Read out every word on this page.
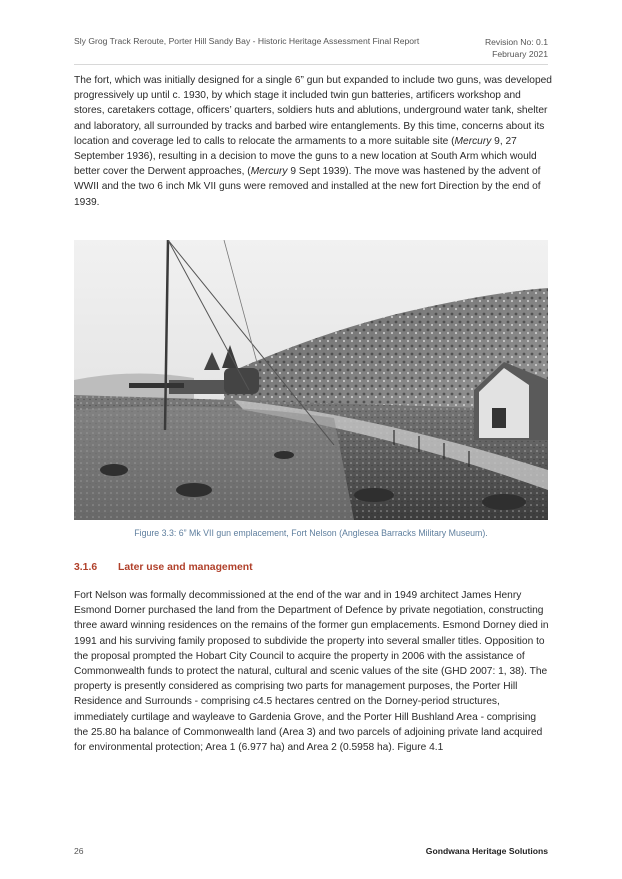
Sly Grog Track Reroute, Porter Hill Sandy Bay - Historic Heritage Assessment Final Report	Revision No: 0.1
February 2021

The fort, which was initially designed for a single 6” gun but expanded to include two guns, was developed progressively up until c. 1930, by which stage it included twin gun batteries, artificers workshop and stores, caretakers cottage, officers’ quarters, soldiers huts and ablutions, underground water tank, shelter and laboratory, all surrounded by tracks and barbed wire entanglements. By this time, concerns about its location and coverage led to calls to relocate the armaments to a more suitable site (Mercury 9, 27 September 1936), resulting in a decision to move the guns to a new location at South Arm which would better cover the Derwent approaches, (Mercury 9 Sept 1939). The move was hastened by the advent of WWII and the two 6 inch Mk VII guns were removed and installed at the new fort Direction by the end of 1939.

Figure 3.3: 6” Mk VII gun emplacement, Fort Nelson (Anglesea Barracks Military Museum).
3.1.6 Later use and management

Fort Nelson was formally decommissioned at the end of the war and in 1949 architect James Henry Esmond Dorner purchased the land from the Department of Defence by private negotiation, constructing three award winning residences on the remains of the former gun emplacements. Esmond Dorney died in 1991 and his surviving family proposed to subdivide the property into several smaller titles. Opposition to the proposal prompted the Hobart City Council to acquire the property in 2006 with the assistance of Commonwealth funds to protect the natural, cultural and scenic values of the site (GHD 2007: 1, 38). The property is presently considered as comprising two parts for management purposes, the Porter Hill Residence and Surrounds - comprising c4.5 hectares centred on the Dorney-period structures, immediately curtilage and wayleave to Gardenia Grove, and the Porter Hill Bushland Area - comprising the 25.80 ha balance of Commonwealth land (Area 3) and two parcels of adjoining private land acquired for environmental protection; Area 1 (6.977 ha) and Area 2 (0.5958 ha). Figure 4.1

26	Gondwana Heritage Solutions
